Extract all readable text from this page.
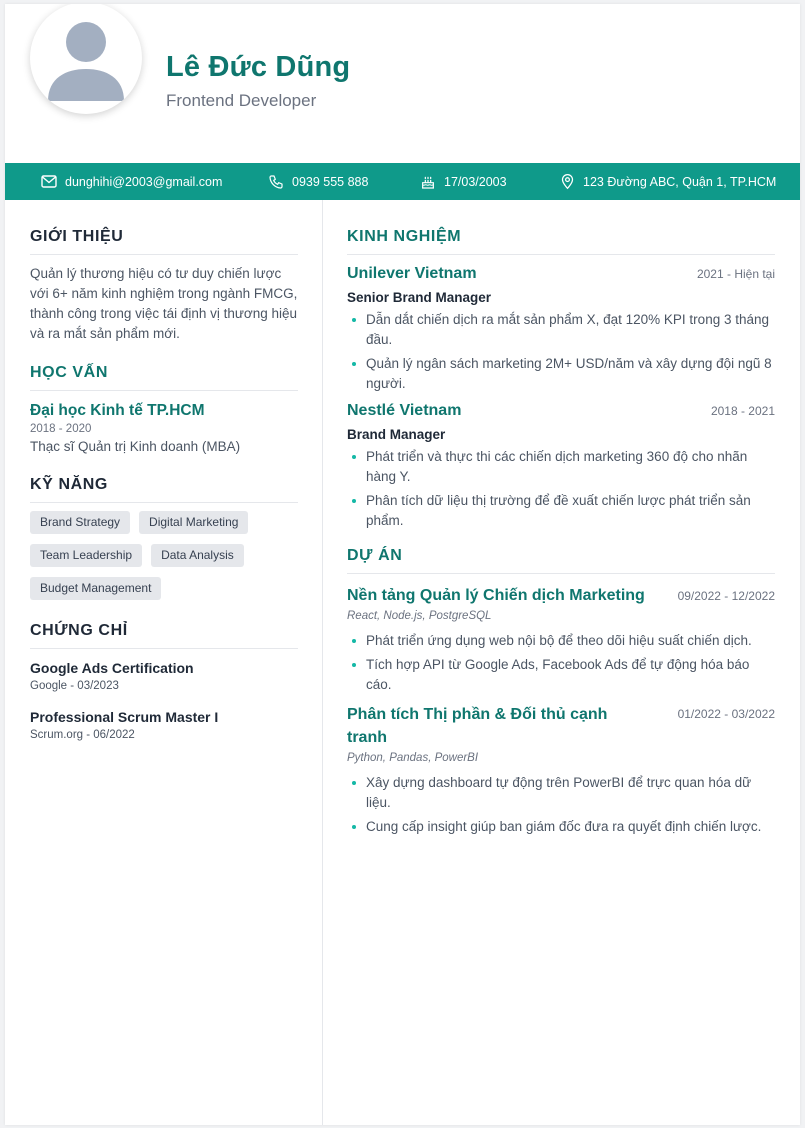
Lê Đức Dũng
Frontend Developer
dunghihi@2003@gmail.com	0939 555 888	17/03/2003	123 Đường ABC, Quận 1, TP.HCM
GIỚI THIỆU

Quản lý thương hiệu có tư duy chiến lược với 6+ năm kinh nghiệm trong ngành FMCG, thành công trong việc tái định vị thương hiệu và ra mắt sản phẩm mới.

HỌC VẤN
Đại học Kinh tế TP.HCM
2018 - 2020
Thạc sĩ Quản trị Kinh doanh (MBA)
KỸ NĂNG
Brand Strategy	Digital Marketing
Team Leadership	Data Analysis
Budget Management
CHỨNG CHỈ
Google Ads Certification
Google - 03/2023
Professional Scrum Master I
Scrum.org - 06/2022
KINH NGHIỆM
Unilever Vietnam	2021 - Hiện tại
Senior Brand Manager
Dẫn dắt chiến dịch ra mắt sản phẩm X, đạt 120% KPI trong 3 tháng đầu.
Quản lý ngân sách marketing 2M+ USD/năm và xây dựng đội ngũ 8 người.
Nestlé Vietnam	2018 - 2021
Brand Manager
Phát triển và thực thi các chiến dịch marketing 360 độ cho nhãn hàng Y.
Phân tích dữ liệu thị trường để đề xuất chiến lược phát triển sản phẩm.
DỰ ÁN
Nền tảng Quản lý Chiến dịch Marketing	09/2022 - 12/2022
React, Node.js, PostgreSQL
Phát triển ứng dụng web nội bộ để theo dõi hiệu suất chiến dịch.
Tích hợp API từ Google Ads, Facebook Ads để tự động hóa báo cáo.
Phân tích Thị phần & Đối thủ cạnh tranh
01/2022 - 03/2022
Python, Pandas, PowerBI
Xây dựng dashboard tự động trên PowerBI để trực quan hóa dữ liệu.
Cung cấp insight giúp ban giám đốc đưa ra quyết định chiến lược.
